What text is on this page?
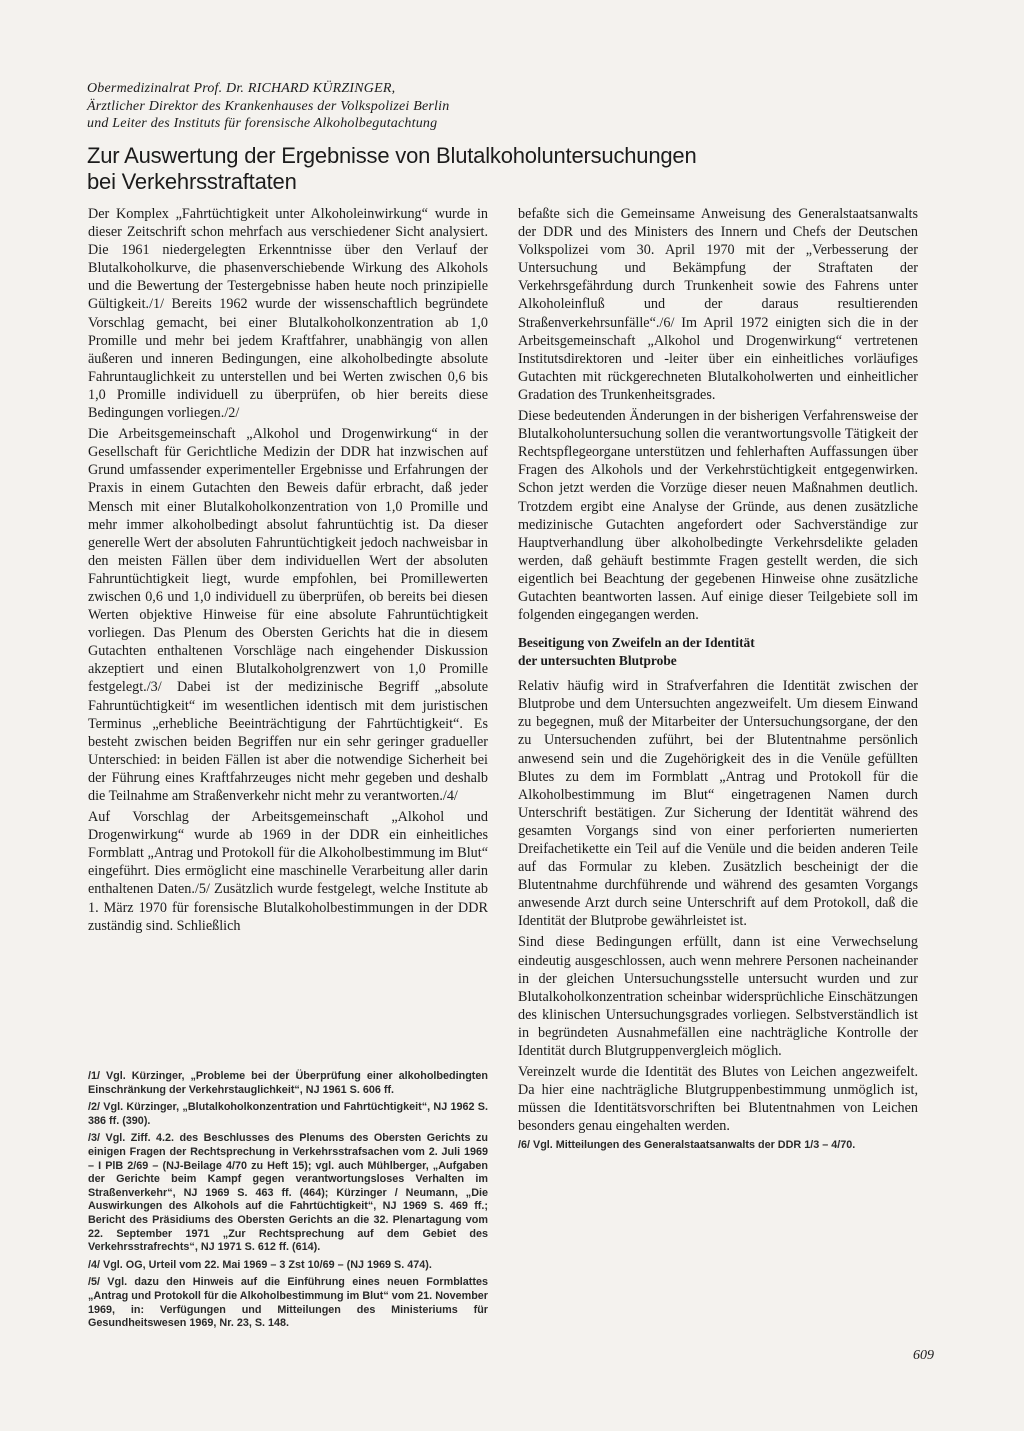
Obermedizinalrat Prof. Dr. RICHARD KÜRZINGER,
Ärztlicher Direktor des Krankenhauses der Volkspolizei Berlin
und Leiter des Instituts für forensische Alkoholbegutachtung
Zur Auswertung der Ergebnisse von Blutalkoholuntersuchungen
bei Verkehrsstraftaten

Der Komplex „Fahrtüchtigkeit unter Alkoholeinwirkung“ wurde in dieser Zeitschrift schon mehrfach aus verschiedener Sicht analysiert. Die 1961 niedergelegten Erkenntnisse über den Verlauf der Blutalkoholkurve, die phasenverschiebende Wirkung des Alkohols und die Bewertung der Testergebnisse haben heute noch prinzipielle Gültigkeit./1/ Bereits 1962 wurde der wissenschaftlich begründete Vorschlag gemacht, bei einer Blutalkoholkonzentration ab 1,0 Promille und mehr bei jedem Kraftfahrer, unabhängig von allen äußeren und inneren Bedingungen, eine alkoholbedingte absolute Fahruntauglichkeit zu unterstellen und bei Werten zwischen 0,6 bis 1,0 Promille individuell zu überprüfen, ob hier bereits diese Bedingungen vorliegen./2/

Die Arbeitsgemeinschaft „Alkohol und Drogenwirkung“ in der Gesellschaft für Gerichtliche Medizin der DDR hat inzwischen auf Grund umfassender experimenteller Ergebnisse und Erfahrungen der Praxis in einem Gutachten den Beweis dafür erbracht, daß jeder Mensch mit einer Blutalkoholkonzentration von 1,0 Promille und mehr immer alkoholbedingt absolut fahruntüchtig ist. Da dieser generelle Wert der absoluten Fahruntüchtigkeit jedoch nachweisbar in den meisten Fällen über dem individuellen Wert der absoluten Fahruntüchtigkeit liegt, wurde empfohlen, bei Promillewerten zwischen 0,6 und 1,0 individuell zu überprüfen, ob bereits bei diesen Werten objektive Hinweise für eine absolute Fahruntüchtigkeit vorliegen. Das Plenum des Obersten Gerichts hat die in diesem Gutachten enthaltenen Vorschläge nach eingehender Diskussion akzeptiert und einen Blutalkoholgrenzwert von 1,0 Promille festgelegt./3/ Dabei ist der medizinische Begriff „absolute Fahruntüchtigkeit“ im wesentlichen identisch mit dem juristischen Terminus „erhebliche Beeinträchtigung der Fahrtüchtigkeit“. Es besteht zwischen beiden Begriffen nur ein sehr geringer gradueller Unterschied: in beiden Fällen ist aber die notwendige Sicherheit bei der Führung eines Kraftfahrzeuges nicht mehr gegeben und deshalb die Teilnahme am Straßenverkehr nicht mehr zu verantworten./4/

Auf Vorschlag der Arbeitsgemeinschaft „Alkohol und Drogenwirkung“ wurde ab 1969 in der DDR ein einheitliches Formblatt „Antrag und Protokoll für die Alkoholbestimmung im Blut“ eingeführt. Dies ermöglicht eine maschinelle Verarbeitung aller darin enthaltenen Daten./5/ Zusätzlich wurde festgelegt, welche Institute ab 1. März 1970 für forensische Blutalkoholbestimmungen in der DDR zuständig sind. Schließlich

/1/ Vgl. Kürzinger, „Probleme bei der Überprüfung einer alkoholbedingten Einschränkung der Verkehrstauglichkeit“, NJ 1961 S. 606 ff.

/2/ Vgl. Kürzinger, „Blutalkoholkonzentration und Fahrtüchtigkeit“, NJ 1962 S. 386 ff. (390).

/3/ Vgl. Ziff. 4.2. des Beschlusses des Plenums des Obersten Gerichts zu einigen Fragen der Rechtsprechung in Verkehrsstrafsachen vom 2. Juli 1969 – I PlB 2/69 – (NJ-Beilage 4/70 zu Heft 15); vgl. auch Mühlberger, „Aufgaben der Gerichte beim Kampf gegen verantwortungsloses Verhalten im Straßenverkehr“, NJ 1969 S. 463 ff. (464); Kürzinger / Neumann, „Die Auswirkungen des Alkohols auf die Fahrtüchtigkeit“, NJ 1969 S. 469 ff.; Bericht des Präsidiums des Obersten Gerichts an die 32. Plenartagung vom 22. September 1971 „Zur Rechtsprechung auf dem Gebiet des Verkehrsstrafrechts“, NJ 1971 S. 612 ff. (614).

/4/ Vgl. OG, Urteil vom 22. Mai 1969 – 3 Zst 10/69 – (NJ 1969 S. 474).

/5/ Vgl. dazu den Hinweis auf die Einführung eines neuen Formblattes „Antrag und Protokoll für die Alkoholbestimmung im Blut“ vom 21. November 1969, in: Verfügungen und Mitteilungen des Ministeriums für Gesundheitswesen 1969, Nr. 23, S. 148.

befaßte sich die Gemeinsame Anweisung des Generalstaatsanwalts der DDR und des Ministers des Innern und Chefs der Deutschen Volkspolizei vom 30. April 1970 mit der „Verbesserung der Untersuchung und Bekämpfung der Straftaten der Verkehrsgefährdung durch Trunkenheit sowie des Fahrens unter Alkoholeinfluß und der daraus resultierenden Straßenverkehrsunfälle“./6/ Im April 1972 einigten sich die in der Arbeitsgemeinschaft „Alkohol und Drogenwirkung“ vertretenen Institutsdirektoren und -leiter über ein einheitliches vorläufiges Gutachten mit rückgerechneten Blutalkoholwerten und einheitlicher Gradation des Trunkenheitsgrades.

Diese bedeutenden Änderungen in der bisherigen Verfahrensweise der Blutalkoholuntersuchung sollen die verantwortungsvolle Tätigkeit der Rechtspflegeorgane unterstützen und fehlerhaften Auffassungen über Fragen des Alkohols und der Verkehrstüchtigkeit entgegenwirken. Schon jetzt werden die Vorzüge dieser neuen Maßnahmen deutlich. Trotzdem ergibt eine Analyse der Gründe, aus denen zusätzliche medizinische Gutachten angefordert oder Sachverständige zur Hauptverhandlung über alkoholbedingte Verkehrsdelikte geladen werden, daß gehäuft bestimmte Fragen gestellt werden, die sich eigentlich bei Beachtung der gegebenen Hinweise ohne zusätzliche Gutachten beantworten lassen. Auf einige dieser Teilgebiete soll im folgenden eingegangen werden.

Beseitigung von Zweifeln an der Identität
der untersuchten Blutprobe

Relativ häufig wird in Strafverfahren die Identität zwischen der Blutprobe und dem Untersuchten angezweifelt. Um diesem Einwand zu begegnen, muß der Mitarbeiter der Untersuchungsorgane, der den zu Untersuchenden zuführt, bei der Blutentnahme persönlich anwesend sein und die Zugehörigkeit des in die Venüle gefüllten Blutes zu dem im Formblatt „Antrag und Protokoll für die Alkoholbestimmung im Blut“ eingetragenen Namen durch Unterschrift bestätigen. Zur Sicherung der Identität während des gesamten Vorgangs sind von einer perforierten numerierten Dreifachetikette ein Teil auf die Venüle und die beiden anderen Teile auf das Formular zu kleben. Zusätzlich bescheinigt der die Blutentnahme durchführende und während des gesamten Vorgangs anwesende Arzt durch seine Unterschrift auf dem Protokoll, daß die Identität der Blutprobe gewährleistet ist.

Sind diese Bedingungen erfüllt, dann ist eine Verwechselung eindeutig ausgeschlossen, auch wenn mehrere Personen nacheinander in der gleichen Untersuchungsstelle untersucht wurden und zur Blutalkoholkonzentration scheinbar widersprüchliche Einschätzungen des klinischen Untersuchungsgrades vorliegen. Selbstverständlich ist in begründeten Ausnahmefällen eine nachträgliche Kontrolle der Identität durch Blutgruppenvergleich möglich.

Vereinzelt wurde die Identität des Blutes von Leichen angezweifelt. Da hier eine nachträgliche Blutgruppenbestimmung unmöglich ist, müssen die Identitätsvorschriften bei Blutentnahmen von Leichen besonders genau eingehalten werden.

/6/ Vgl. Mitteilungen des Generalstaatsanwalts der DDR 1/3 – 4/70.

609
